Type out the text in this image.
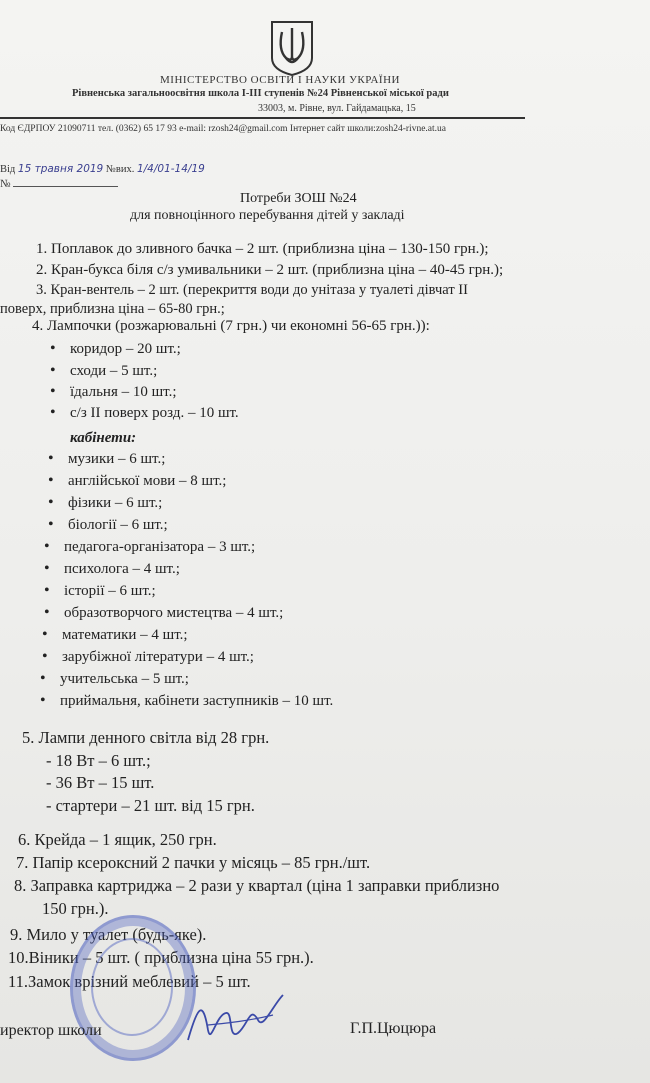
МІНІСТЕРСТВО ОСВІТИ І НАУКИ УКРАЇНИ
Рівненська загальноосвітня школа І-ІІІ ступенів №24 Рівненської міської ради
33003, м. Рівне, вул. Гайдамацька, 15
Код ЄДРПОУ 21090711 тел. (0362) 65 17 93 e-mail: rzosh24@gmail.com Інтернет сайт школи:zosh24-rivne.at.ua
Від 15 травня 2019 №вих. 1/4/01-14/19
№
Потреби ЗОШ №24
для повноцінного перебування дітей у закладі
1. Поплавок до зливного бачка – 2 шт. (приблизна ціна – 130-150 грн.);
2. Кран-букса біля с/з умивальники – 2 шт. (приблизна ціна – 40-45 грн.);
3. Кран-вентель – 2 шт. (перекриття води до унітаза у туалеті дівчат ІІ
поверх, приблизна ціна – 65-80 грн.;
4. Лампочки (розжарювальні (7 грн.) чи економні 56-65 грн.)):
• коридор – 20 шт.;
• сходи – 5 шт.;
• їдальня – 10 шт.;
• с/з ІІ поверх розд. – 10 шт.
кабінети:
• музики – 6 шт.;
• англійської мови – 8 шт.;
• фізики – 6 шт.;
• біології – 6 шт.;
• педагога-організатора – 3 шт.;
• психолога – 4 шт.;
• історії – 6 шт.;
• образотворчого мистецтва – 4 шт.;
• математики – 4 шт.;
• зарубіжної літератури – 4 шт.;
• учительська – 5 шт.;
• приймальня, кабінети заступників – 10 шт.
5. Лампи денного світла від 28 грн.
- 18 Вт – 6 шт.;
- 36 Вт – 15 шт.
- стартери – 21 шт. від 15 грн.
6. Крейда – 1 ящик, 250 грн.
7. Папір ксероксний 2 пачки у місяць – 85 грн./шт.
8. Заправка картриджа – 2 рази у квартал (ціна 1 заправки приблизно
150 грн.).
9. Мило у туалет (будь-яке).
10.Віники – 5 шт. ( приблизна ціна 55 грн.).
11.Замок врізний меблевий – 5 шт.
иректор школи	Г.П.Цюцюра
